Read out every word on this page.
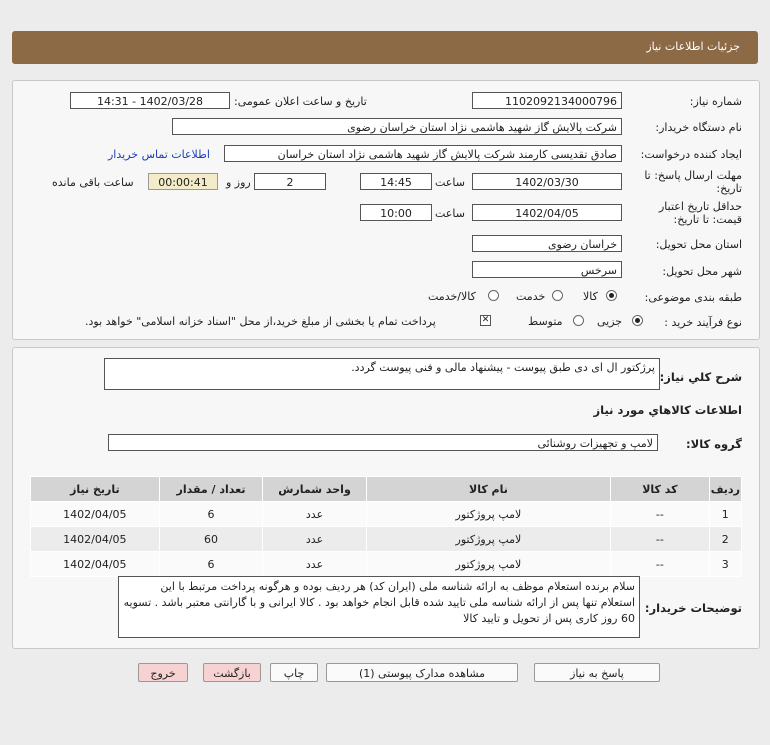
جزئیات اطلاعات نیاز
شماره نیاز:
1102092134000796
تاریخ و ساعت اعلان عمومی:
1402/03/28 - 14:31
نام دستگاه خریدار:
شرکت پالایش گاز شهید هاشمی نژاد استان خراسان رضوی
ایجاد کننده درخواست:
صادق تقدیسی کارمند شرکت پالایش گاز شهید هاشمی نژاد استان خراسان
اطلاعات تماس خریدار
مهلت ارسال پاسخ: تا تاریخ:
1402/03/30
ساعت
14:45
2
روز و
00:00:41
ساعت باقی مانده
حداقل تاریخ اعتبار قیمت: تا تاریخ:
1402/04/05
ساعت
10:00
استان محل تحویل:
خراسان رضوی
شهر محل تحویل:
سرخس
طبقه بندی موضوعی:
کالا
خدمت
کالا/خدمت
نوع فرآیند خرید :
جزیی
متوسط
✕
پرداخت تمام یا بخشی از مبلغ خرید،از محل "اسناد خزانه اسلامی" خواهد بود.
شرح کلي نیاز:
پرژکتور ال ای دی طبق پیوست - پیشنهاد مالی و فنی پیوست گردد.
اطلاعات کالاهاي مورد نیاز
گروه کالا:
لامپ و تجهیزات روشنائی
ردیف	کد کالا	نام کالا	واحد شمارش	تعداد / مقدار	تاریخ نیاز
1	--	لامپ پروژکتور	عدد	6	1402/04/05
2	--	لامپ پروژکتور	عدد	60	1402/04/05
3	--	لامپ پروژکتور	عدد	6	1402/04/05
توضیحات خریدار:
سلام برنده استعلام موظف به ارائه شناسه ملی (ایران کد) هر ردیف بوده و هرگونه پرداخت مرتبط با این استعلام تنها پس از ارائه شناسه ملی تایید شده قابل انجام خواهد بود . کالا ایرانی و با گارانتی معتبر باشد . تسویه 60 روز کاری پس از تحویل و تایید کالا
پاسخ به نیاز
مشاهده مدارک پیوستی (1)
چاپ
بازگشت
خروج
